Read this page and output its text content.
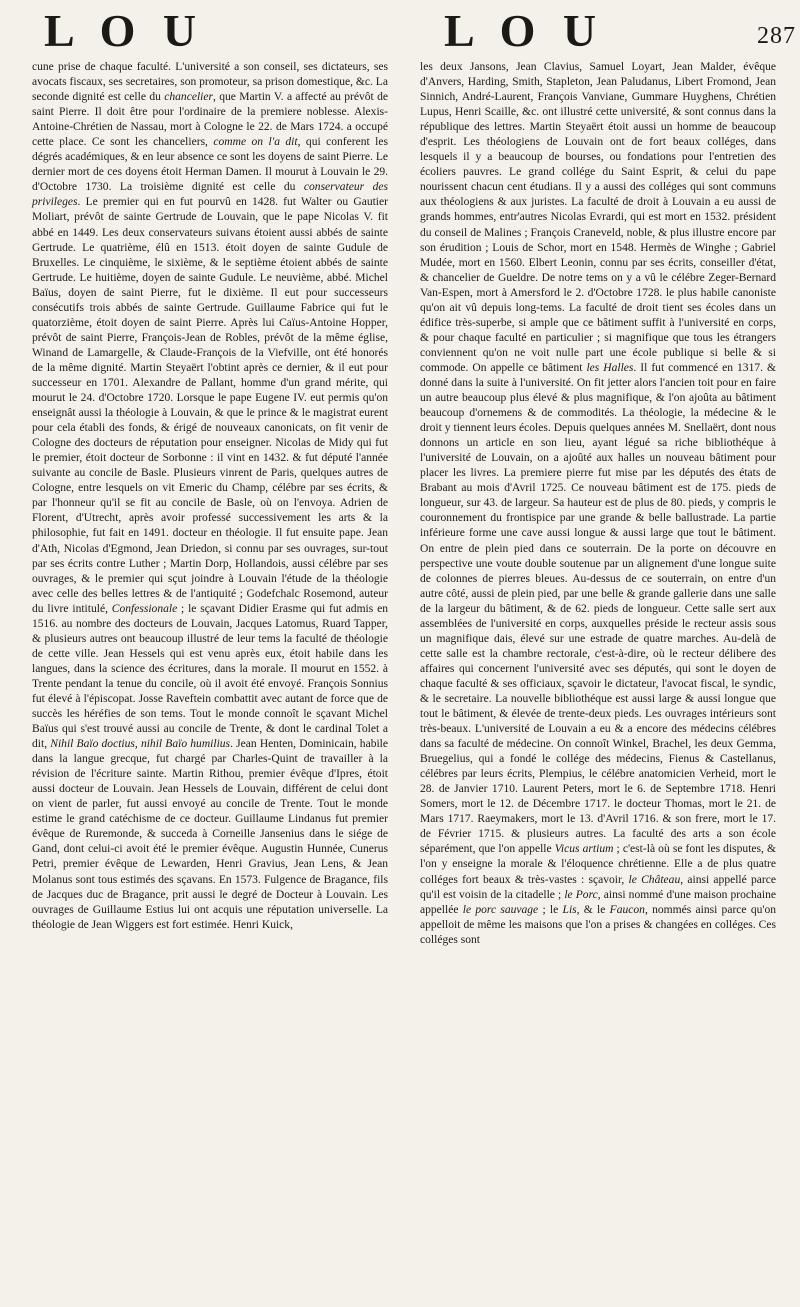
L O U	L O U	287

cune prise de chaque faculté. L'université a son conseil, ses dictateurs, ses avocats fiscaux, ses secretaires, son promoteur, sa prison domestique, &c. La seconde dignité est celle du chancelier, que Martin V. a affecté au prévôt de saint Pierre. Il doit être pour l'ordinaire de la premiere noblesse. Alexis-Antoine-Chrétien de Nassau, mort à Cologne le 22. de Mars 1724. a occupé cette place. Ce sont les chanceliers, comme on l'a dit, qui conferent les dégrés académiques, & en leur absence ce sont les doyens de saint Pierre. Le dernier mort de ces doyens étoit Herman Damen. Il mourut à Louvain le 29. d'Octobre 1730. La troisième dignité est celle du conservateur des privileges. Le premier qui en fut pourvû en 1428. fut Walter ou Gautier Moliart, prévôt de sainte Gertrude de Louvain, que le pape Nicolas V. fit abbé en 1449. Les deux conservateurs suivans étoient aussi abbés de sainte Gertrude. Le quatrième, élû en 1513. étoit doyen de sainte Gudule de Bruxelles. Le cinquième, le sixième, & le septième étoient abbés de sainte Gertrude. Le huitième, doyen de sainte Gudule. Le neuvième, abbé. Michel Baïus, doyen de saint Pierre, fut le dixième. Il eut pour successeurs consécutifs trois abbés de sainte Gertrude. Guillaume Fabrice qui fut le quatorzième, étoit doyen de saint Pierre. Après lui Caïus-Antoine Hopper, prévôt de saint Pierre, François-Jean de Robles, prévôt de la même église, Winand de Lamargelle, & Claude-François de la Viefville, ont été honorés de la même dignité. Martin Steyaërt l'obtint après ce dernier, & il eut pour successeur en 1701. Alexandre de Pallant, homme d'un grand mérite, qui mourut le 24. d'Octobre 1720. Lorsque le pape Eugene IV. eut permis qu'on enseignât aussi la théologie à Louvain, & que le prince & le magistrat eurent pour cela établi des fonds, & érigé de nouveaux canonicats, on fit venir de Cologne des docteurs de réputation pour enseigner. Nicolas de Midy qui fut le premier, étoit docteur de Sorbonne : il vint en 1432. & fut député l'année suivante au concile de Basle. Plusieurs vinrent de Paris, quelques autres de Cologne, entre lesquels on vit Emeric du Champ, célébre par ses écrits, & par l'honneur qu'il se fit au concile de Basle, où on l'envoya. Adrien de Florent, d'Utrecht, après avoir professé successivement les arts & la philosophie, fut fait en 1491. docteur en théologie. Il fut ensuite pape. Jean d'Ath, Nicolas d'Egmond, Jean Driedon, si connu par ses ouvrages, sur-tout par ses écrits contre Luther ; Martin Dorp, Hollandois, aussi célébre par ses ouvrages, & le premier qui sçut joindre à Louvain l'étude de la théologie avec celle des belles lettres & de l'antiquité ; Godefchalc Rosemond, auteur du livre intitulé, Confessionale ; le sçavant Didier Erasme qui fut admis en 1516. au nombre des docteurs de Louvain, Jacques Latomus, Ruard Tapper, & plusieurs autres ont beaucoup illustré de leur tems la faculté de théologie de cette ville. Jean Hessels qui est venu après eux, étoit habile dans les langues, dans la science des écritures, dans la morale. Il mourut en 1552. à Trente pendant la tenue du concile, où il avoit été envoyé. François Sonnius fut élevé à l'épiscopat. Josse Raveftein combattit avec autant de force que de succès les héréfies de son tems. Tout le monde connoît le sçavant Michel Baïus qui s'est trouvé aussi au concile de Trente, & dont le cardinal Tolet a dit, Nihil Baïo doctius, nihil Baïo humilius. Jean Henten, Dominicain, habile dans la langue grecque, fut chargé par Charles-Quint de travailler à la révision de l'écriture sainte. Martin Rithou, premier évêque d'Ipres, étoit aussi docteur de Louvain. Jean Hessels de Louvain, différent de celui dont on vient de parler, fut aussi envoyé au concile de Trente. Tout le monde estime le grand catéchisme de ce docteur. Guillaume Lindanus fut premier évêque de Ruremonde, & succeda à Corneille Jansenius dans le siége de Gand, dont celui-ci avoit été le premier évêque. Augustin Hunnée, Cunerus Petri, premier évêque de Lewarden, Henri Gravius, Jean Lens, & Jean Molanus sont tous estimés des sçavans. En 1573. Fulgence de Bragance, fils de Jacques duc de Bragance, prit aussi le degré de Docteur à Louvain. Les ouvrages de Guillaume Estius lui ont acquis une réputation universelle. La théologie de Jean Wiggers est fort estimée. Henri Kuick,

les deux Jansons, Jean Clavius, Samuel Loyart, Jean Malder, évêque d'Anvers, Harding, Smith, Stapleton, Jean Paludanus, Libert Fromond, Jean Sinnich, André-Laurent, François Vanviane, Gummare Huyghens, Chrétien Lupus, Henri Scaille, &c. ont illustré cette université, & sont connus dans la république des lettres. Martin Steyaërt étoit aussi un homme de beaucoup d'esprit. Les théologiens de Louvain ont de fort beaux colléges, dans lesquels il y a beaucoup de bourses, ou fondations pour l'entretien des écoliers pauvres. Le grand collége du Saint Esprit, & celui du pape nourissent chacun cent étudians. Il y a aussi des colléges qui sont communs aux théologiens & aux juristes. La faculté de droit à Louvain a eu aussi de grands hommes, entr'autres Nicolas Evrardi, qui est mort en 1532. président du conseil de Malines ; François Craneveld, noble, & plus illustre encore par son érudition ; Louis de Schor, mort en 1548. Hermès de Winghe ; Gabriel Mudée, mort en 1560. Elbert Leonin, connu par ses écrits, conseiller d'état, & chancelier de Gueldre. De notre tems on y a vû le célébre Zeger-Bernard Van-Espen, mort à Amersford le 2. d'Octobre 1728. le plus habile canoniste qu'on ait vû depuis long-tems. La faculté de droit tient ses écoles dans un édifice très-superbe, si ample que ce bâtiment suffit à l'université en corps, & pour chaque faculté en particulier ; si magnifique que tous les étrangers conviennent qu'on ne voit nulle part une école publique si belle & si commode. On appelle ce bâtiment les Halles. Il fut commencé en 1317. & donné dans la suite à l'université. On fit jetter alors l'ancien toit pour en faire un autre beaucoup plus élevé & plus magnifique, & l'on ajoûta au bâtiment beaucoup d'ornemens & de commodités. La théologie, la médecine & le droit y tiennent leurs écoles. Depuis quelques années M. Snellaërt, dont nous donnons un article en son lieu, ayant légué sa riche bibliothéque à l'université de Louvain, on a ajoûté aux halles un nouveau bâtiment pour placer les livres. La premiere pierre fut mise par les députés des états de Brabant au mois d'Avril 1725. Ce nouveau bâtiment est de 175. pieds de longueur, sur 43. de largeur. Sa hauteur est de plus de 80. pieds, y compris le couronnement du frontispice par une grande & belle ballustrade. La partie inférieure forme une cave aussi longue & aussi large que tout le bâtiment. On entre de plein pied dans ce souterrain. De la porte on découvre en perspective une voute double soutenue par un alignement d'une longue suite de colonnes de pierres bleues. Au-dessus de ce souterrain, on entre d'un autre côté, aussi de plein pied, par une belle & grande gallerie dans une salle de la largeur du bâtiment, & de 62. pieds de longueur. Cette salle sert aux assemblées de l'université en corps, auxquelles préside le recteur assis sous un magnifique dais, élevé sur une estrade de quatre marches. Au-delà de cette salle est la chambre rectorale, c'est-à-dire, où le recteur délibere des affaires qui concernent l'université avec ses députés, qui sont le doyen de chaque faculté & ses officiaux, sçavoir le dictateur, l'avocat fiscal, le syndic, & le secretaire. La nouvelle bibliothéque est aussi large & aussi longue que tout le bâtiment, & élevée de trente-deux pieds. Les ouvrages intérieurs sont très-beaux. L'université de Louvain a eu & a encore des médecins célébres dans sa faculté de médecine. On connoît Winkel, Brachel, les deux Gemma, Bruegelius, qui a fondé le collége des médecins, Fienus & Castellanus, célébres par leurs écrits, Plempius, le célébre anatomicien Verheid, mort le 28. de Janvier 1710. Laurent Peters, mort le 6. de Septembre 1718. Henri Somers, mort le 12. de Décembre 1717. le docteur Thomas, mort le 21. de Mars 1717. Raeymakers, mort le 13. d'Avril 1716. & son frere, mort le 17. de Février 1715. & plusieurs autres. La faculté des arts a son école séparément, que l'on appelle Vicus artium ; c'est-là où se font les disputes, & l'on y enseigne la morale & l'éloquence chrétienne. Elle a de plus quatre colléges fort beaux & très-vastes : sçavoir, le Château, ainsi appellé parce qu'il est voisin de la citadelle ; le Porc, ainsi nommé d'une maison prochaine appellée le porc sauvage ; le Lis, & le Faucon, nommés ainsi parce qu'on appelloit de même les maisons que l'on a prises & changées en colléges. Ces colléges sont
